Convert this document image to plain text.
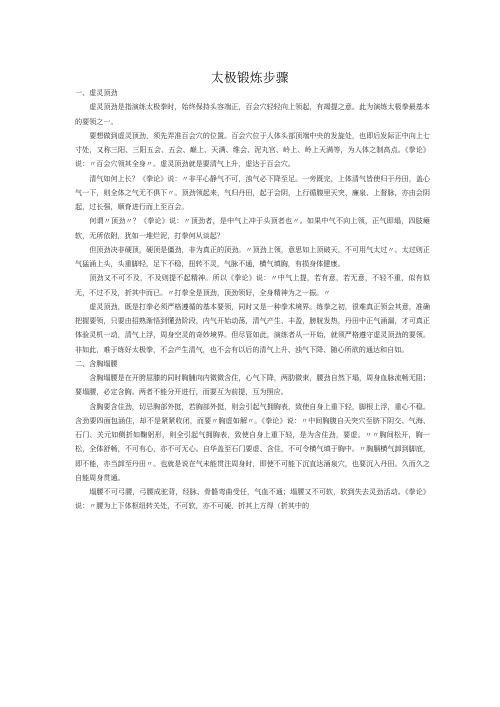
太极锻炼步骤

一、虚灵顶劲

虚灵顶劲是指演练太极拳时，始终保持头容端正，百会穴轻轻向上领起，有竭提之意。此为演练太极拳最基本的要领之一。

要想做到虚灵顶劲，须先弄准百会穴的位置。百会穴位于人体头部顶端中央的发旋处，也即后发际正中向上七寸处，又称三阳、三阳五会、五会、巅上、天满、维会、泥丸宫、岭上、岭上天满等，为人体之制高点。《拳论》说：〃百会穴领其全身〃。虚灵顶劲就是要清气上升，虚达于百会穴。

清气如何上长？《拳论》说：〃非平心静气不可，浊气必下降至足。一旁既完，上体清气皆使归于丹田，盖心气一下，则全体之气无不俱下〃。顶劲领起来，气归丹田，起于会阴，上行循腹里天突、廉泉、上督脉，亦由会阴起，过长强，顺脊进行而上至百会。

何谓〃顶劲〃？《拳论》说：〃顶劲者，是中气上冲于头顶者也〃。如果中气不向上领，正气即塌，四肢瘫软，无所依附，犹如一堆烂泥，打拳何从谈起？

但顶劲决非硬顶，硬顶是僵劲，非为真正的顶劲。〃顶劲上领，意思如上顶破天，不可用气太过〃。太过则正气猛涌上头，头重脚轻，足下不稳，扭转不灵，气脉不通，横气填胸，有损身体健康。

顶劲又不可不及，不及则提不起精神。所以《拳论》说：〃中气上提，若有意，若无意，不轻不重，似有似无，不过不及，折其中而已。〃打拳全是顶劲，顶劲领好，全身精神为之一振。〃

虚灵顶劲，既是打拳必须严格遵循的基本要领，同时又是一种拳术境界。练拳之初，很难真正领会其意，准确把握要领，只要由招熟渐悟到懂劲阶段，内气开始动荡，清气产生、丰盈，膀胱发热，丹田中正气涌漏，才可真正体验灵机一动，清气上浮，周身空灵的奇妙境界。但尽管如此，演练者从一开始，就须严格遵守虚灵顶劲的要领。非如此，难于练好太极拳，不会产生清气，也不会有以后的清气上升、浊气下降、随心所欲的通达和自如。

二、含胸塌腰

含胸塌腰是在开胯屈膝的同时胸脯向内微微含住，心气下降，两肋微束，腰劲自然下塌，周身血脉流畅无阻；要塌腰，必定含胸。两者不能分开进行，而要互为前提，互为照应。

含胸要含住劲，切忌胸部外挺，若胸部外挺，则会引起气拥胸表，致使自身上重下轻，脚根上浮，重心不稳。含劲要四面包涵住，却不是紧紧收闭，而要〃胸虚如解〃。《拳论》说：〃中间胸腹自天突穴至脐下阴交、气海、石门、关元如侧折如鞠躬形，则全引起气拥胸表，致使自身上重下轻，是为含住劲，要虚。〃〃胸间松开，胸一松，全体舒畅，不可有心，亦不可无心。自华盖至石门要虚、含住，不可令横气填于胸中。〃胸膈横气卸到脚底，即不能，亦当卸至丹田〃。也就是说在气未能贯注周身时，即使不可能下沉直达涌泉穴，也要沉入丹田。久而久之自能周身贯通。

塌腰不可弓腰，弓腰成驼背，经脉、骨骼弯曲受任，气血不通；塌腰又不可软，软到失去灵劲活动。《拳论》说：〃腰为上下体枢纽转关处，不可软，亦不可硬，折其上方得（折其中的
